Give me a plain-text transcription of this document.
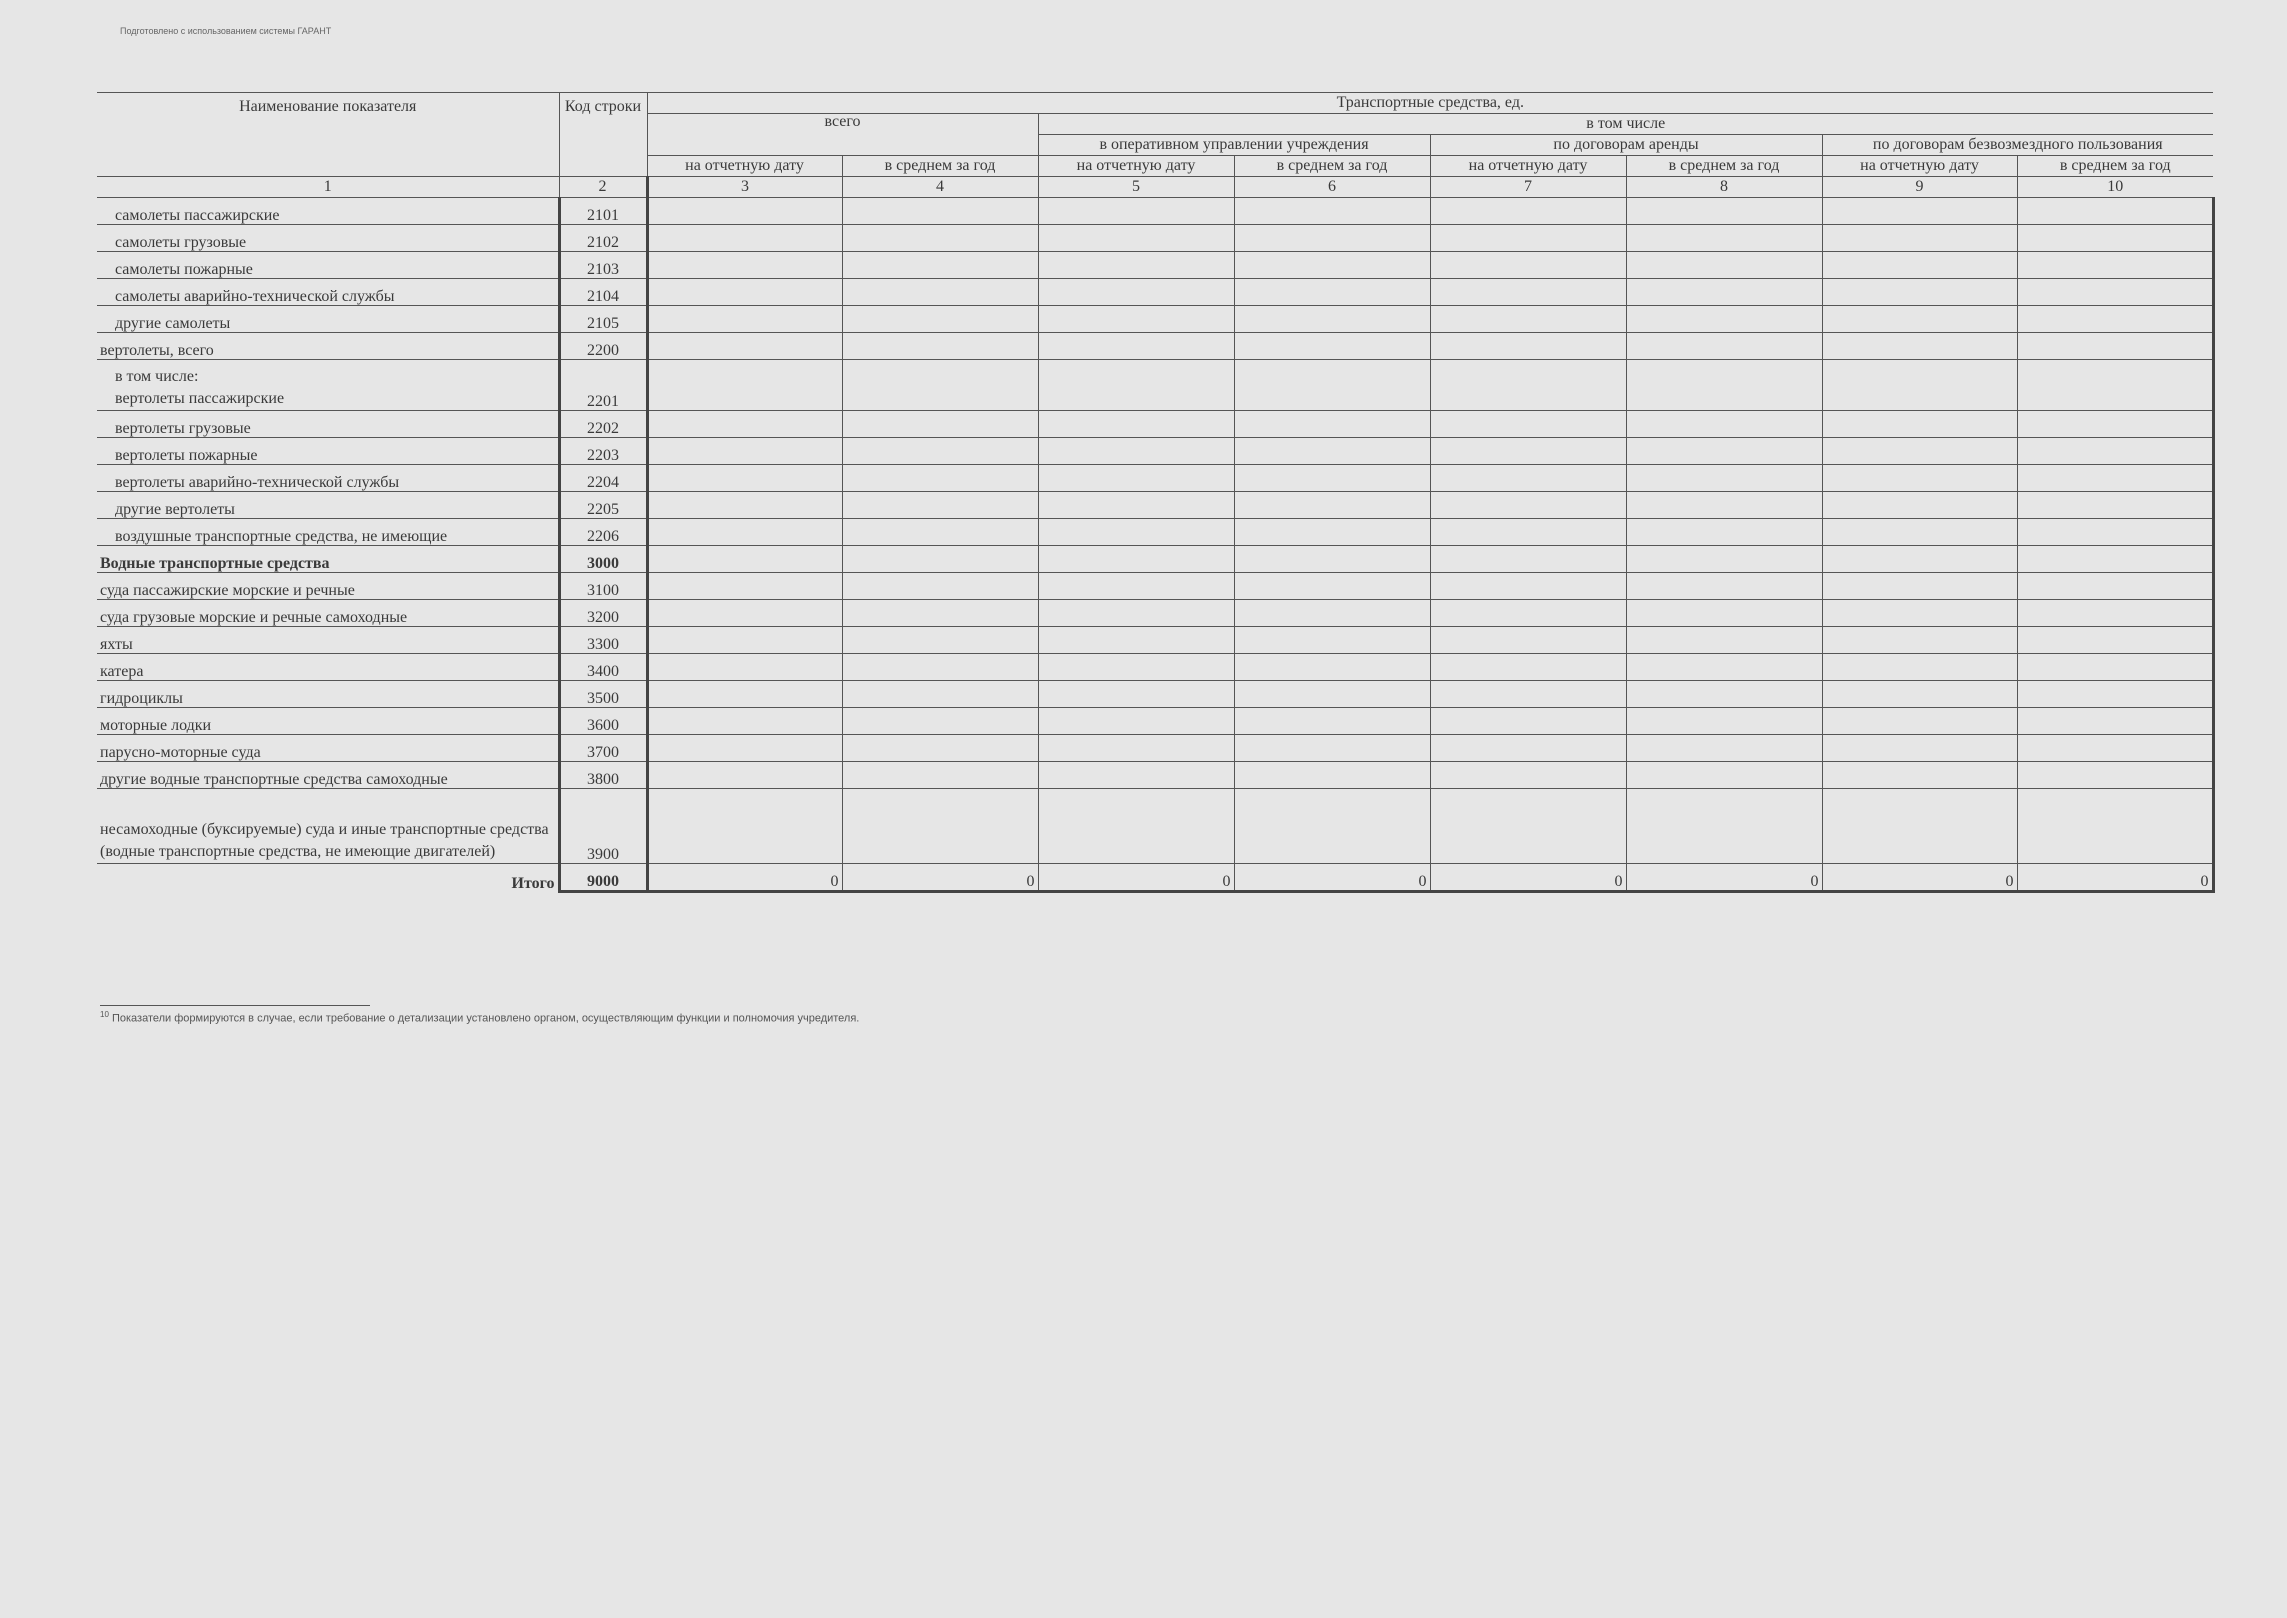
Подготовлено с использованием системы ГАРАНТ
Наименование показателя	Код строки	Транспортные средства, ед.							
		всего		в том числе					
				в оперативном управлении учреждения		по договорам аренды		по договорам безвозмездного пользования	
		на отчетную дату	в среднем за год	на отчетную дату	в среднем за год	на отчетную дату	в среднем за год	на отчетную дату	в среднем за год
1	2	3	4	5	6	7	8	9	10
самолеты пассажирские	2101								
самолеты грузовые	2102								
самолеты пожарные	2103								
самолеты аварийно-технической службы	2104								
другие самолеты	2105								
вертолеты, всего	2200								

в том числе:
вертолеты пассажирские	2201								
вертолеты грузовые	2202								
вертолеты пожарные	2203								
вертолеты аварийно-технической службы	2204								
другие вертолеты	2205								
воздушные транспортные средства, не имеющие	2206								
Водные транспортные средства	3000								
суда пассажирские морские и речные	3100								
суда грузовые морские и речные самоходные	3200								
яхты	3300								
катера	3400								
гидроциклы	3500								
моторные лодки	3600								
парусно-моторные суда	3700								
другие водные транспортные средства самоходные	3800								
несамоходные (буксируемые) суда и иные транспортные средства (водные транспортные средства, не имеющие двигателей)	3900								
Итого	9000	0	0	0	0	0	0	0	0
$^{10}$ Показатели формируются в случае, если требование о детализации установлено органом, осуществляющим функции и полномочия учредителя.
